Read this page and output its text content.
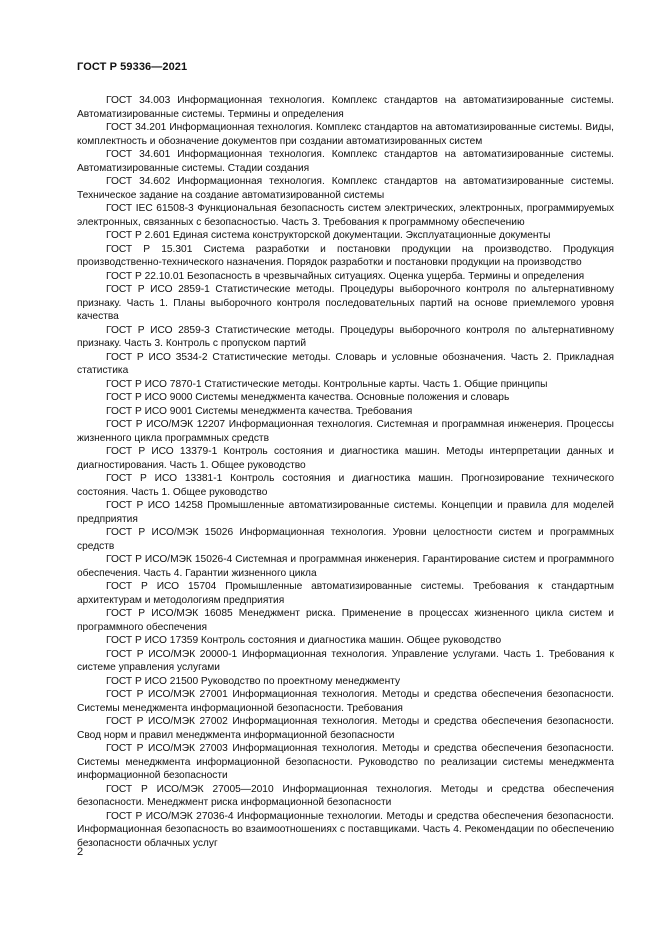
ГОСТ Р 59336—2021

ГОСТ 34.003 Информационная технология. Комплекс стандартов на автоматизированные системы. Автоматизированные системы. Термины и определения

ГОСТ 34.201 Информационная технология. Комплекс стандартов на автоматизированные системы. Виды, комплектность и обозначение документов при создании автоматизированных систем

ГОСТ 34.601 Информационная технология. Комплекс стандартов на автоматизированные системы. Автоматизированные системы. Стадии создания

ГОСТ 34.602 Информационная технология. Комплекс стандартов на автоматизированные системы. Техническое задание на создание автоматизированной системы

ГОСТ IEC 61508-3 Функциональная безопасность систем электрических, электронных, программируемых электронных, связанных с безопасностью. Часть 3. Требования к программному обеспечению

ГОСТ Р 2.601 Единая система конструкторской документации. Эксплуатационные документы

ГОСТ Р 15.301 Система разработки и постановки продукции на производство. Продукция производственно-технического назначения. Порядок разработки и постановки продукции на производство

ГОСТ Р 22.10.01 Безопасность в чрезвычайных ситуациях. Оценка ущерба. Термины и определения

ГОСТ Р ИСО 2859-1 Статистические методы. Процедуры выборочного контроля по альтернативному признаку. Часть 1. Планы выборочного контроля последовательных партий на основе приемлемого уровня качества

ГОСТ Р ИСО 2859-3 Статистические методы. Процедуры выборочного контроля по альтернативному признаку. Часть 3. Контроль с пропуском партий

ГОСТ Р ИСО 3534-2 Статистические методы. Словарь и условные обозначения. Часть 2. Прикладная статистика

ГОСТ Р ИСО 7870-1 Статистические методы. Контрольные карты. Часть 1. Общие принципы

ГОСТ Р ИСО 9000 Системы менеджмента качества. Основные положения и словарь

ГОСТ Р ИСО 9001 Системы менеджмента качества. Требования

ГОСТ Р ИСО/МЭК 12207 Информационная технология. Системная и программная инженерия. Процессы жизненного цикла программных средств

ГОСТ Р ИСО 13379-1 Контроль состояния и диагностика машин. Методы интерпретации данных и диагностирования. Часть 1. Общее руководство

ГОСТ Р ИСО 13381-1 Контроль состояния и диагностика машин. Прогнозирование технического состояния. Часть 1. Общее руководство

ГОСТ Р ИСО 14258 Промышленные автоматизированные системы. Концепции и правила для моделей предприятия

ГОСТ Р ИСО/МЭК 15026 Информационная технология. Уровни целостности систем и программных средств

ГОСТ Р ИСО/МЭК 15026-4 Системная и программная инженерия. Гарантирование систем и программного обеспечения. Часть 4. Гарантии жизненного цикла

ГОСТ Р ИСО 15704 Промышленные автоматизированные системы. Требования к стандартным архитектурам и методологиям предприятия

ГОСТ Р ИСО/МЭК 16085 Менеджмент риска. Применение в процессах жизненного цикла систем и программного обеспечения

ГОСТ Р ИСО 17359 Контроль состояния и диагностика машин. Общее руководство

ГОСТ Р ИСО/МЭК 20000-1 Информационная технология. Управление услугами. Часть 1. Требования к системе управления услугами

ГОСТ Р ИСО 21500 Руководство по проектному менеджменту

ГОСТ Р ИСО/МЭК 27001 Информационная технология. Методы и средства обеспечения безопасности. Системы менеджмента информационной безопасности. Требования

ГОСТ Р ИСО/МЭК 27002 Информационная технология. Методы и средства обеспечения безопасности. Свод норм и правил менеджмента информационной безопасности

ГОСТ Р ИСО/МЭК 27003 Информационная технология. Методы и средства обеспечения безопасности. Системы менеджмента информационной безопасности. Руководство по реализации системы менеджмента информационной безопасности

ГОСТ Р ИСО/МЭК 27005—2010 Информационная технология. Методы и средства обеспечения безопасности. Менеджмент риска информационной безопасности

ГОСТ Р ИСО/МЭК 27036-4 Информационные технологии. Методы и средства обеспечения безопасности. Информационная безопасность во взаимоотношениях с поставщиками. Часть 4. Рекомендации по обеспечению безопасности облачных услуг

2
